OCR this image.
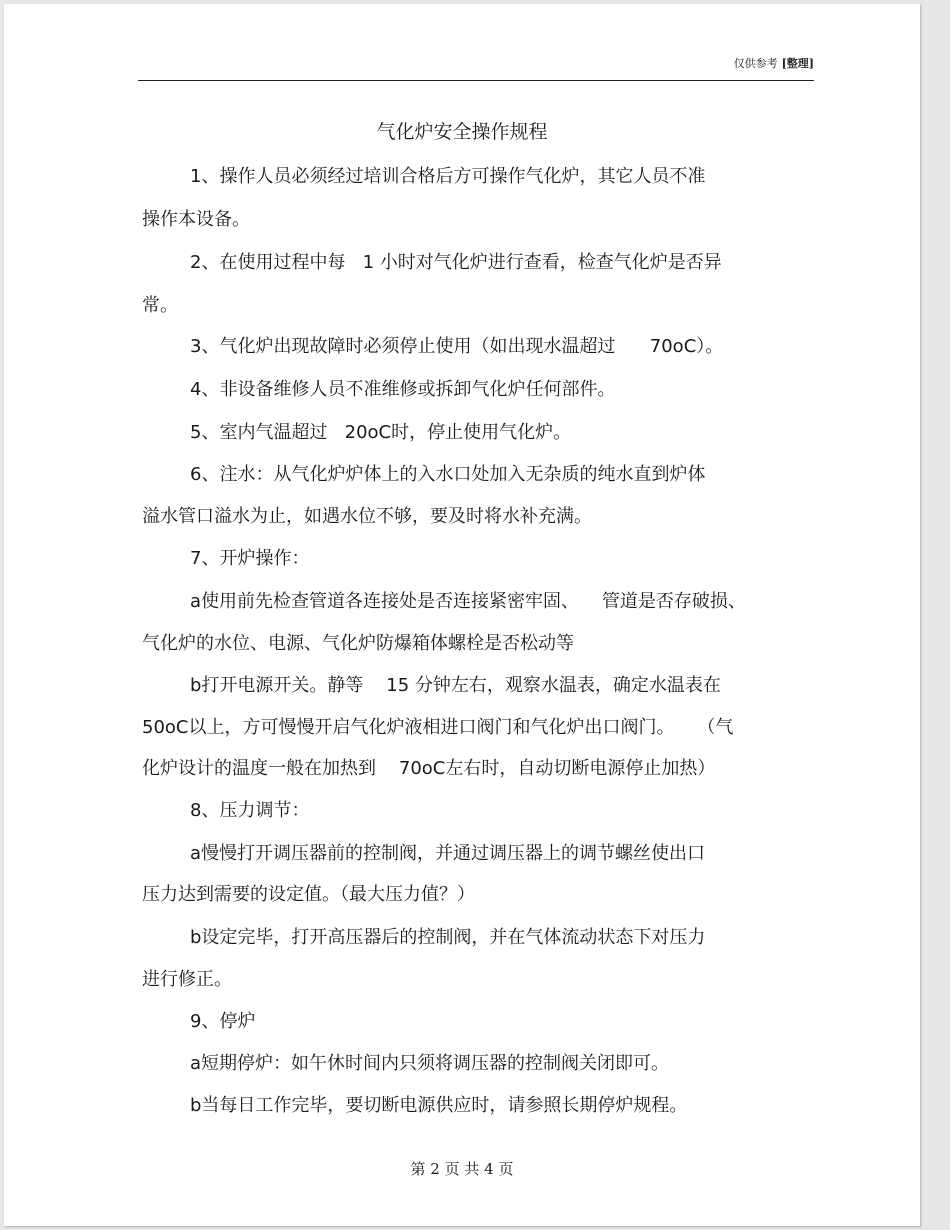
仅供参考 [整理]
气化炉安全操作规程
1、操作人员必须经过培训合格后方可操作气化炉，其它人员不准
操作本设备。
2、在使用过程中每   1 小时对气化炉进行查看，检查气化炉是否异
常。
3、气化炉出现故障时必须停止使用（如出现水温超过      70oC）。
4、非设备维修人员不准维修或拆卸气化炉任何部件。
5、室内气温超过   20oC时，停止使用气化炉。
6、注水：从气化炉炉体上的入水口处加入无杂质的纯水直到炉体
溢水管口溢水为止，如遇水位不够，要及时将水补充满。
7、开炉操作：
a使用前先检查管道各连接处是否连接紧密牢固、    管道是否存破损、
气化炉的水位、电源、气化炉防爆箱体螺栓是否松动等
b打开电源开关。静等    15 分钟左右，观察水温表，确定水温表在
50oC以上，方可慢慢开启气化炉液相进口阀门和气化炉出口阀门。    （气
化炉设计的温度一般在加热到    70oC左右时，自动切断电源停止加热）
8、压力调节：
a慢慢打开调压器前的控制阀，并通过调压器上的调节螺丝使出口
压力达到需要的设定值。（最大压力值？）
b设定完毕，打开高压器后的控制阀，并在气体流动状态下对压力
进行修正。
9、停炉
a短期停炉：如午休时间内只须将调压器的控制阀关闭即可。
b当每日工作完毕，要切断电源供应时，请参照长期停炉规程。
第 2 页 共 4 页
